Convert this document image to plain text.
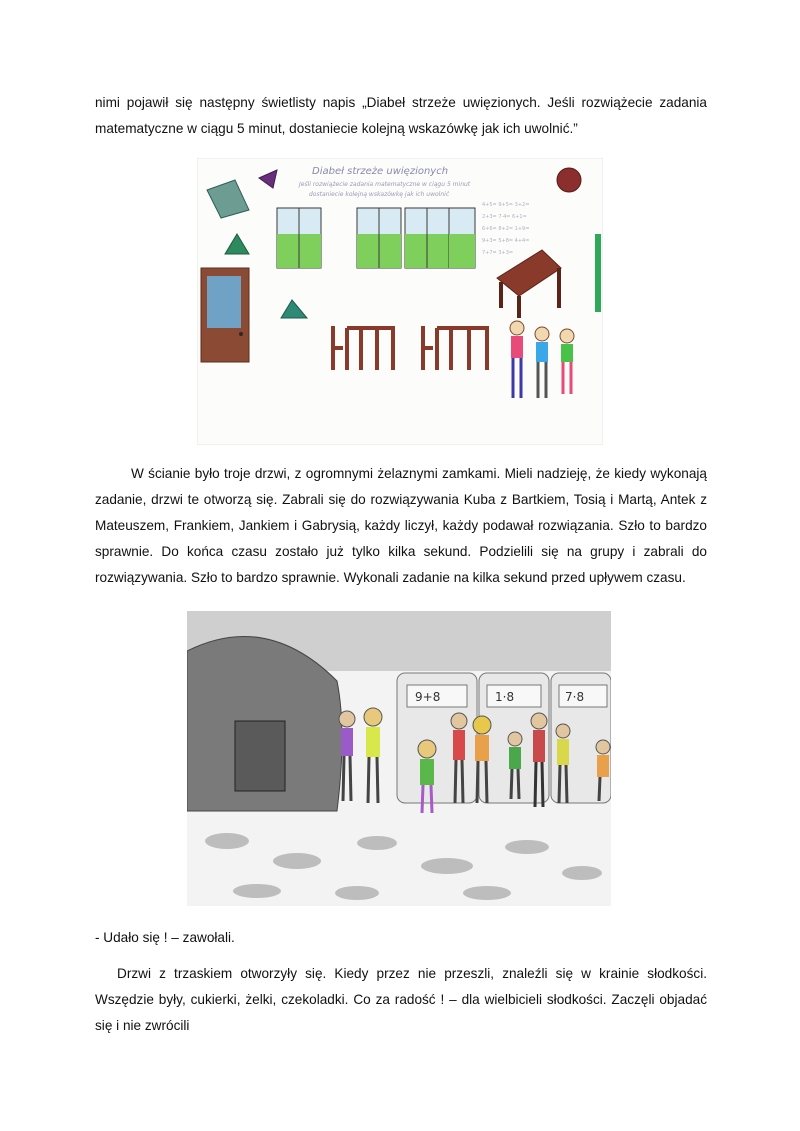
nimi pojawił się następny świetlisty napis „Diabeł strzeże uwięzionych. Jeśli rozwiążecie zadania matematyczne w ciągu 5 minut, dostaniecie kolejną wskazówkę jak ich uwolnić.”

Diabeł strzeże uwięzionych
Jeśli rozwiążecie zadania matematyczne w ciągu 5 minut
dostaniecie kolejną wskazówkę jak ich uwolnić
4+5= 9+5= 3+2=
2+3= 7·4= 6+1=
6+6= 8+2= 1+9=
9+3= 5+8= 4+4=
7+7= 3+3=

W ścianie było troje drzwi, z ogromnymi żelaznymi zamkami. Mieli nadzieję, że kiedy wykonają zadanie, drzwi te otworzą się. Zabrali się do rozwiązywania Kuba z Bartkiem, Tosią i Martą, Antek z Mateuszem, Frankiem, Jankiem i Gabrysią, każdy liczył, każdy podawał rozwiązania. Szło to bardzo sprawnie. Do końca czasu zostało już tylko kilka sekund. Podzielili się na grupy i zabrali do rozwiązywania. Szło to bardzo sprawnie. Wykonali zadanie na kilka sekund przed upływem czasu.

9+8	1·8	7·8

- Udało się ! – zawołali.

Drzwi z trzaskiem otworzyły się. Kiedy przez nie przeszli, znaleźli się w krainie słodkości. Wszędzie były, cukierki, żelki, czekoladki. Co za radość ! – dla wielbicieli słodkości. Zaczęli objadać się i nie zwrócili
